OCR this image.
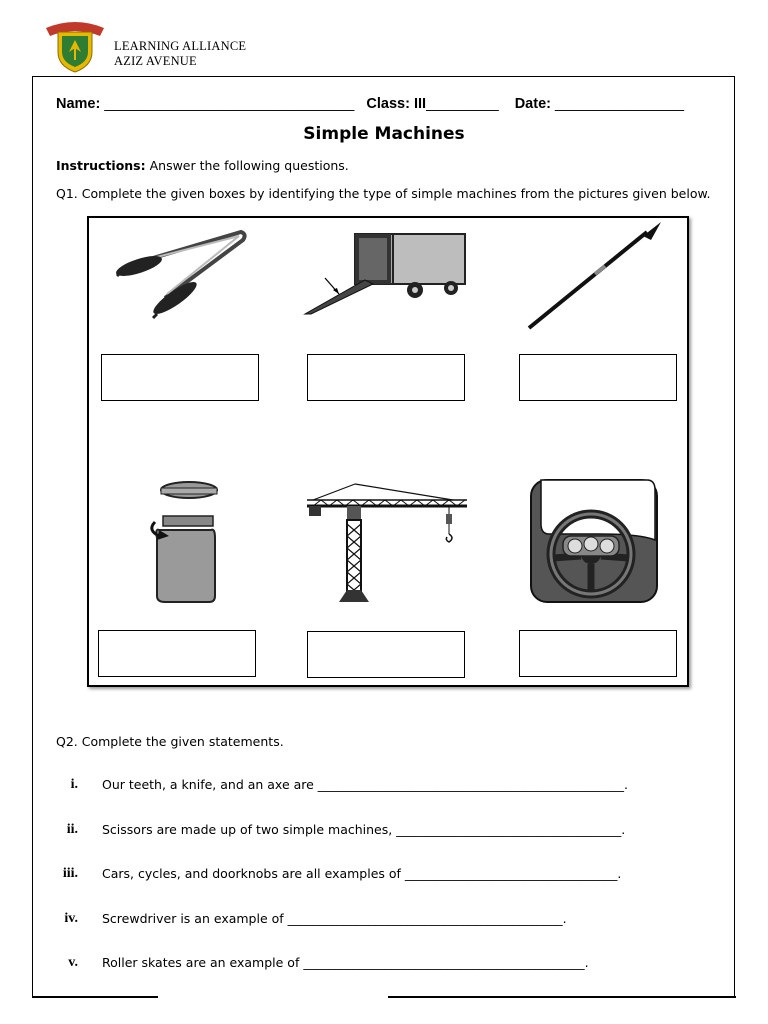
LEARNING ALLIANCE
AZIZ AVENUE
Name: _______________________________ Class: III_________ Date: ________________
Simple Machines
Instructions: Answer the following questions.
Q1. Complete the given boxes by identifying the type of simple machines from the pictures given below.
Q2. Complete the given statements.
i. Our teeth, a knife, and an axe are _________________________________________________.
ii. Scissors are made up of two simple machines, ____________________________________.
iii. Cars, cycles, and doorknobs are all examples of __________________________________.
iv. Screwdriver is an example of ____________________________________________.
v. Roller skates are an example of _____________________________________________.
